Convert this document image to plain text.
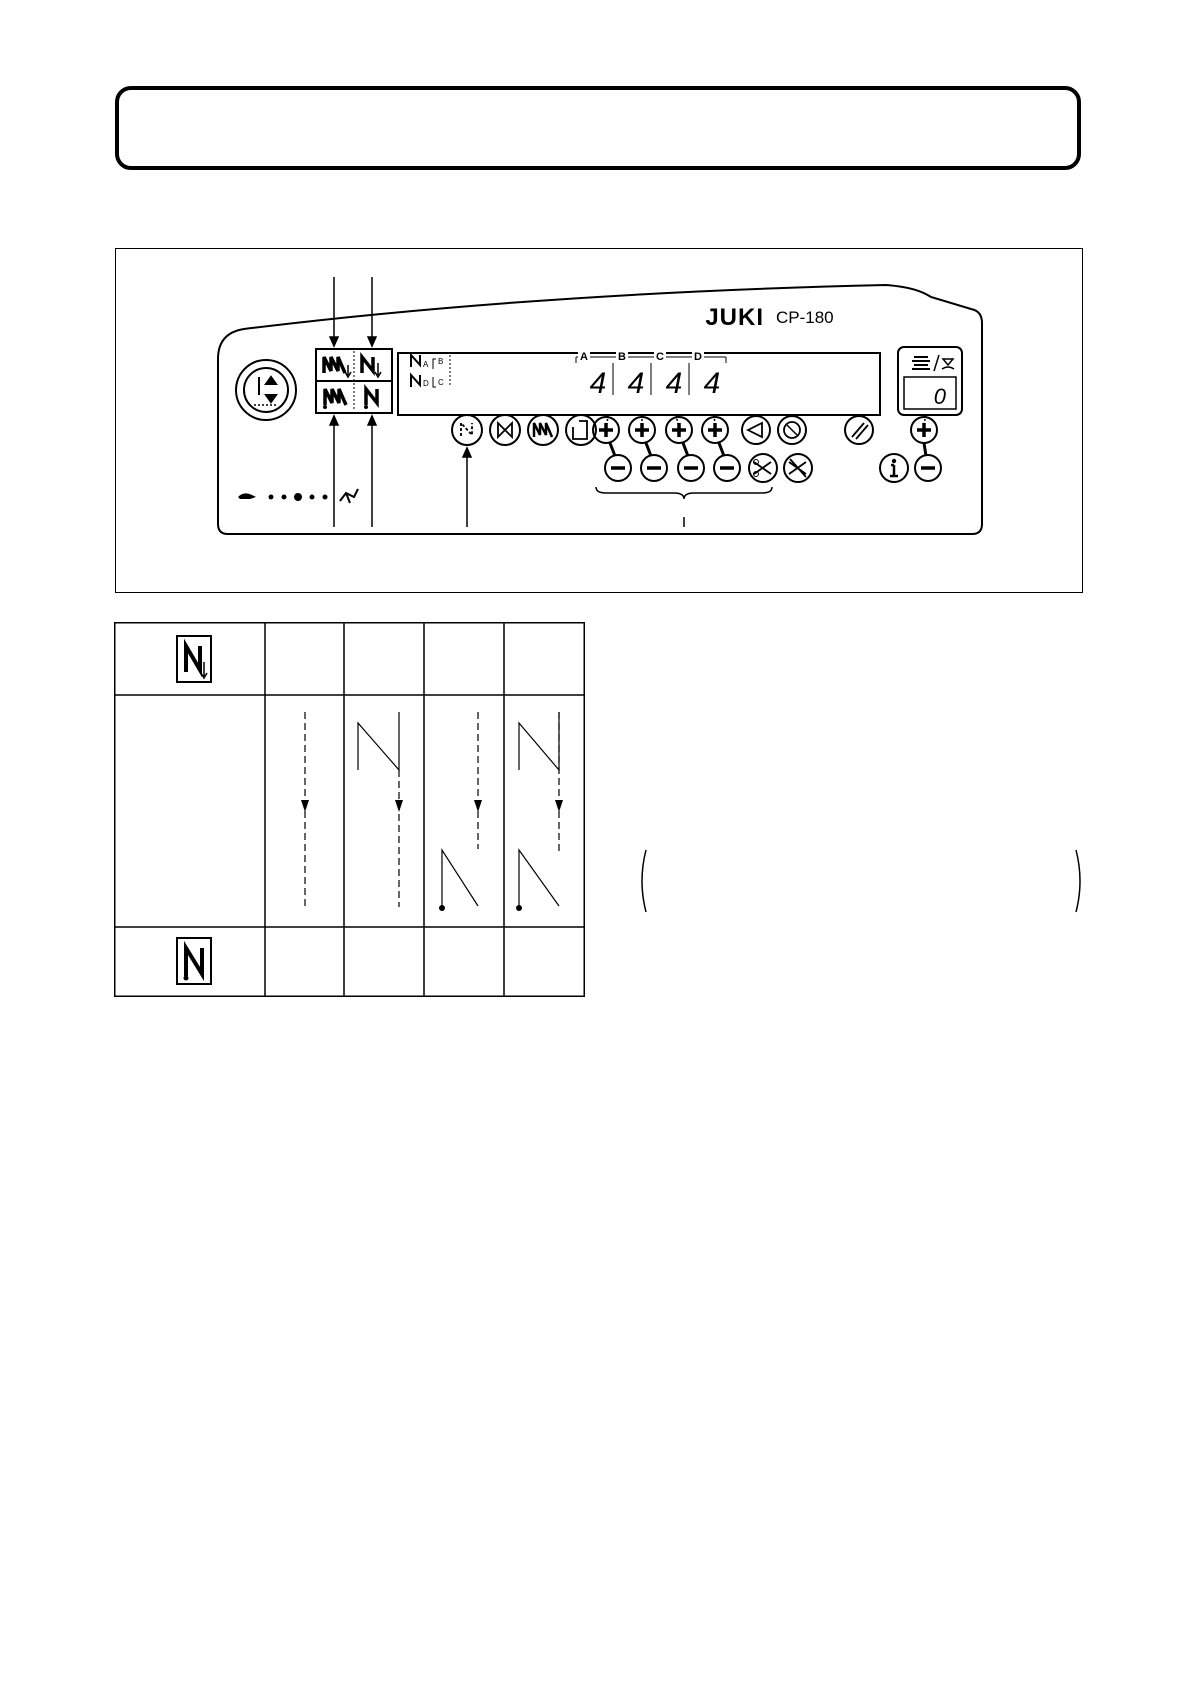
JUKI CP-180
A B
D C
A	B	C	D
4 4 4 4	0
